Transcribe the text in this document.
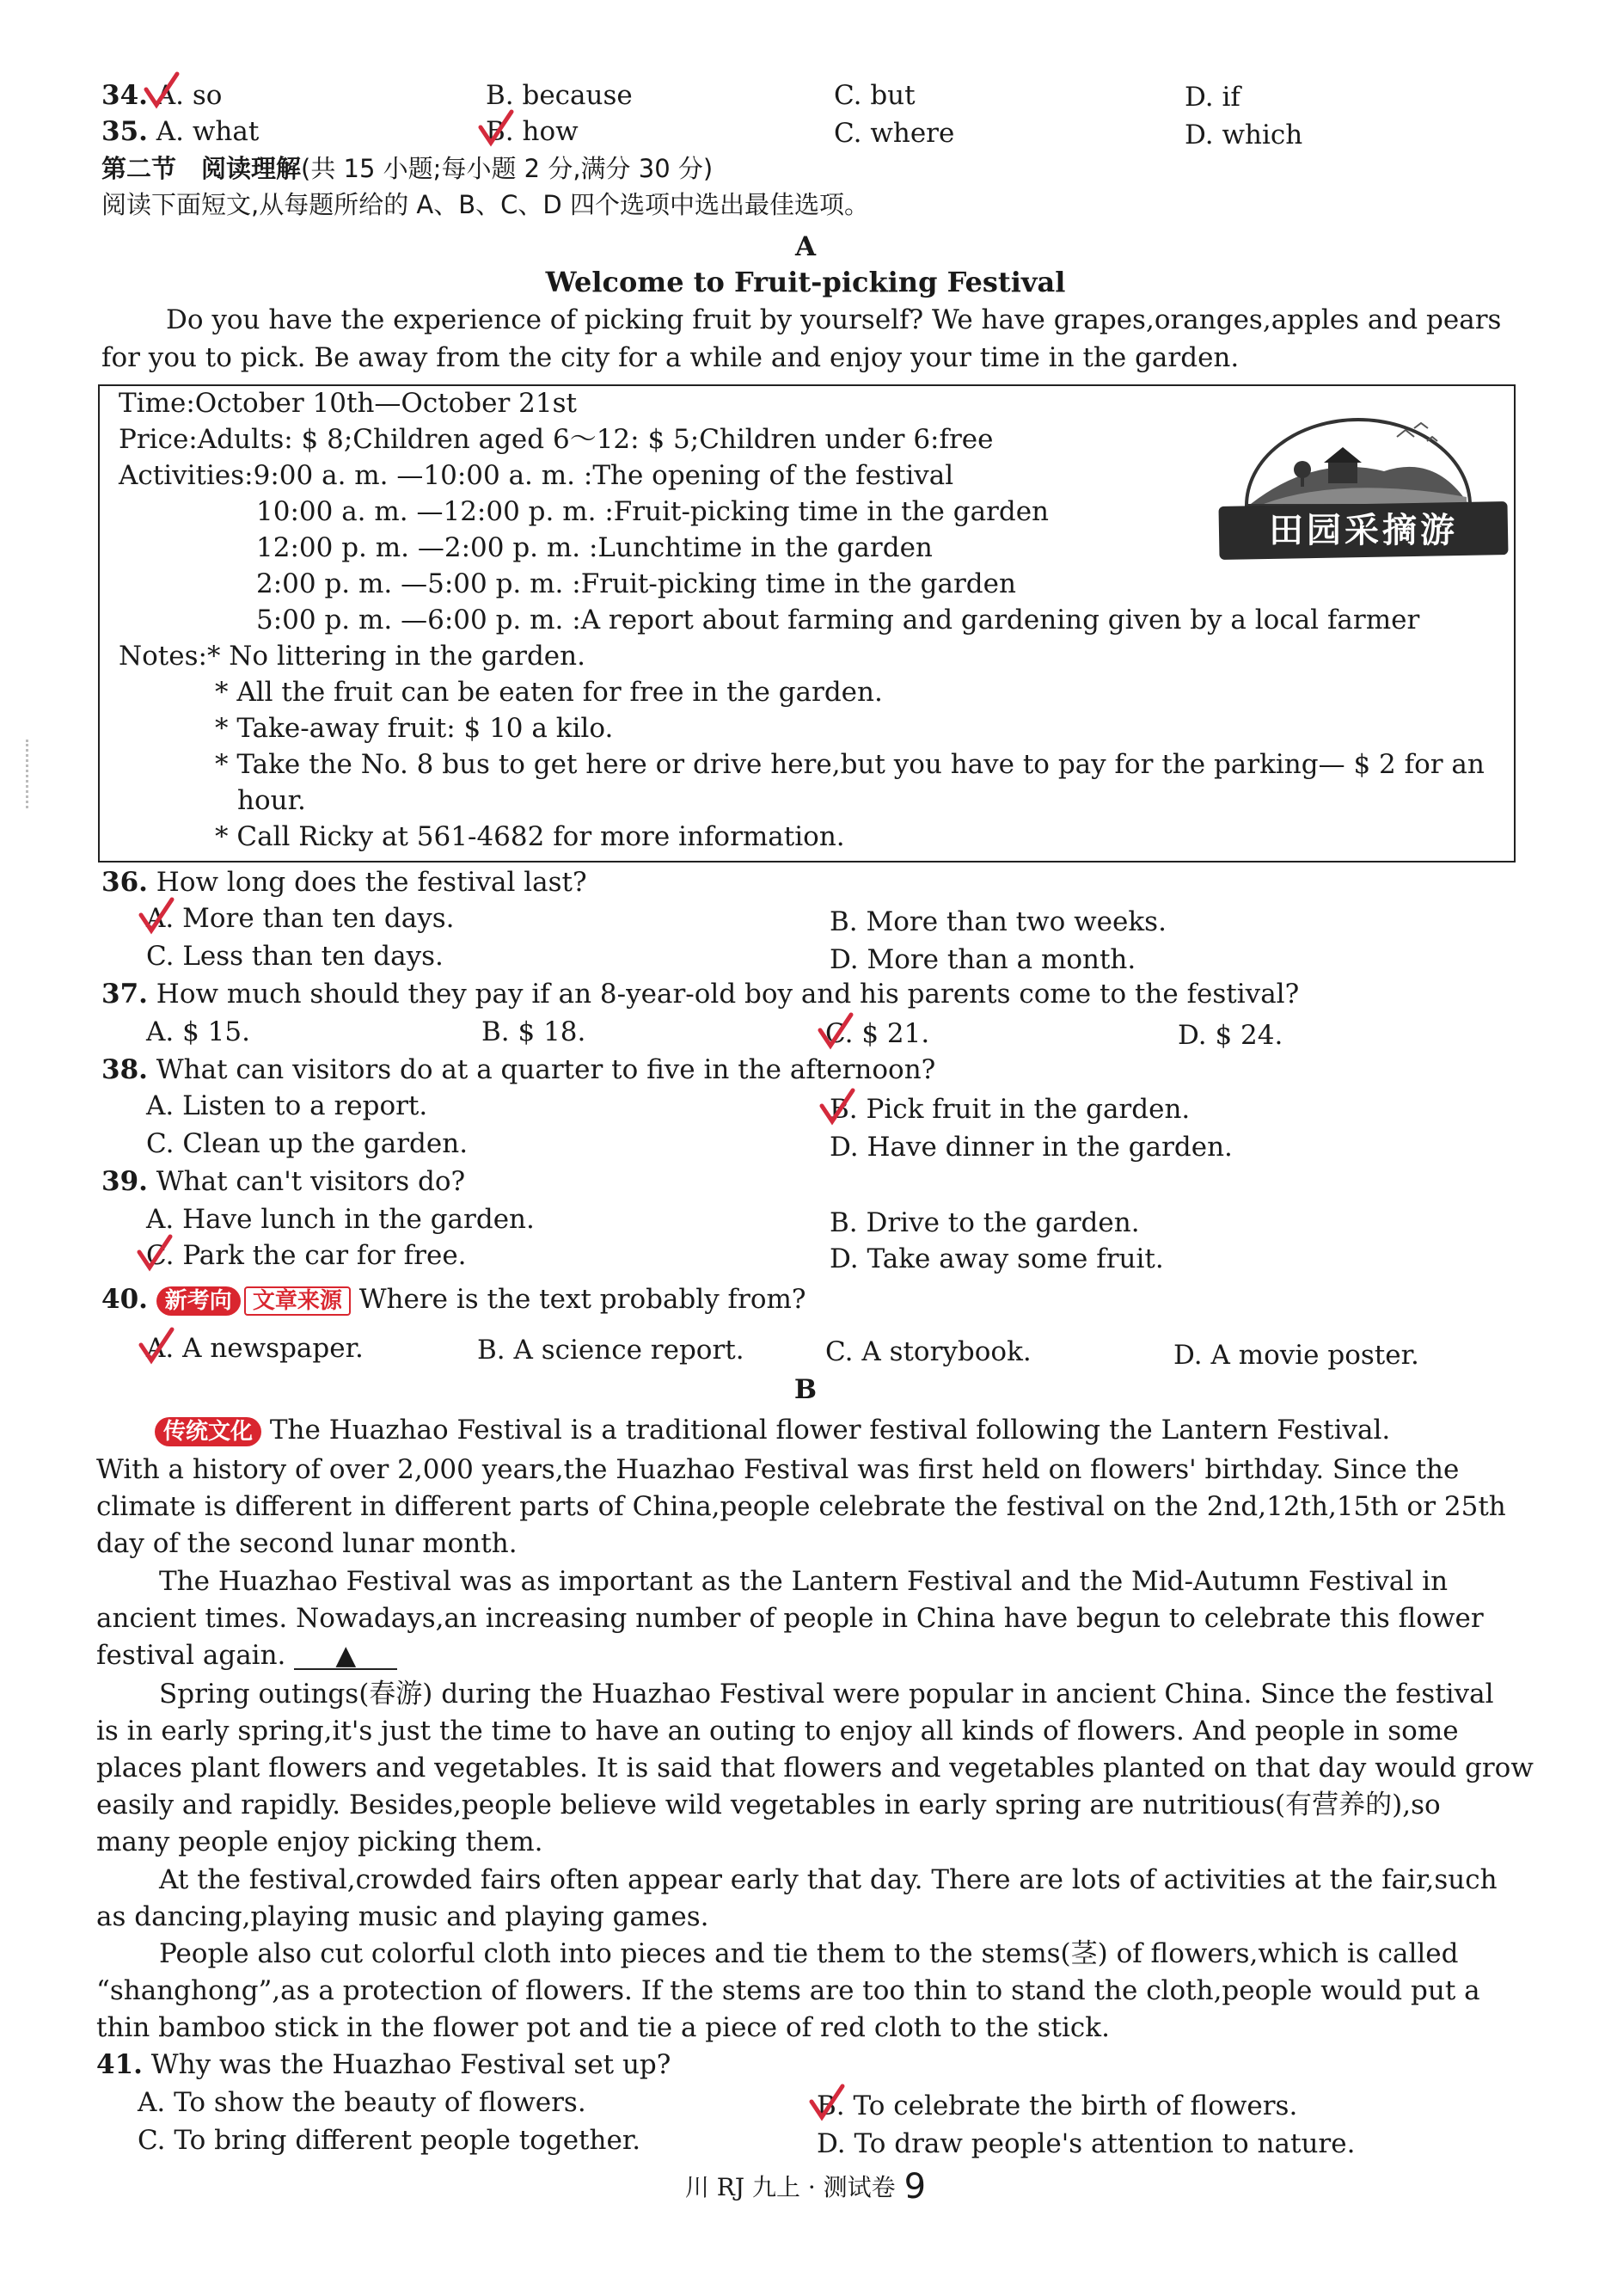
34. A. so	B. because	C. but	D. if
35. A. what	B. how	C. where	D. which
第二节　阅读理解(共 15 小题;每小题 2 分,满分 30 分)
阅读下面短文,从每题所给的 A、B、C、D 四个选项中选出最佳选项。
A
Welcome to Fruit-picking Festival
Do you have the experience of picking fruit by yourself? We have grapes,oranges,apples and pears
for you to pick. Be away from the city for a while and enjoy your time in the garden.
Time:October 10th—October 21st
Price:Adults: $ 8;Children aged 6～12: $ 5;Children under 6:free
Activities:9:00 a. m. —10:00 a. m. :The opening of the festival
10:00 a. m. —12:00 p. m. :Fruit-picking time in the garden
12:00 p. m. —2:00 p. m. :Lunchtime in the garden
2:00 p. m. —5:00 p. m. :Fruit-picking time in the garden
5:00 p. m. —6:00 p. m. :A report about farming and gardening given by a local farmer
Notes:* No littering in the garden.
* All the fruit can be eaten for free in the garden.
* Take-away fruit: $ 10 a kilo.
* Take the No. 8 bus to get here or drive here,but you have to pay for the parking— $ 2 for an
hour.
* Call Ricky at 561-4682 for more information.
田园采摘游
36. How long does the festival last?
A. More than ten days.	B. More than two weeks.
C. Less than ten days.	D. More than a month.
37. How much should they pay if an 8-year-old boy and his parents come to the festival?
A. $ 15.	B. $ 18.	C. $ 21.	D. $ 24.
38. What can visitors do at a quarter to five in the afternoon?
A. Listen to a report.	B. Pick fruit in the garden.
C. Clean up the garden.	D. Have dinner in the garden.
39. What can't visitors do?
A. Have lunch in the garden.	B. Drive to the garden.
C. Park the car for free.	D. Take away some fruit.
40. 新考向 文章来源 Where is the text probably from?
A. A newspaper.	B. A science report.	C. A storybook.	D. A movie poster.
B
传统文化 The Huazhao Festival is a traditional flower festival following the Lantern Festival.
With a history of over 2,000 years,the Huazhao Festival was first held on flowers' birthday. Since the
climate is different in different parts of China,people celebrate the festival on the 2nd,12th,15th or 25th
day of the second lunar month.
The Huazhao Festival was as important as the Lantern Festival and the Mid-Autumn Festival in
ancient times. Nowadays,an increasing number of people in China have begun to celebrate this flower
festival again. ▲
Spring outings(春游) during the Huazhao Festival were popular in ancient China. Since the festival
is in early spring,it's just the time to have an outing to enjoy all kinds of flowers. And people in some
places plant flowers and vegetables. It is said that flowers and vegetables planted on that day would grow
easily and rapidly. Besides,people believe wild vegetables in early spring are nutritious(有营养的),so
many people enjoy picking them.
At the festival,crowded fairs often appear early that day. There are lots of activities at the fair,such
as dancing,playing music and playing games.
People also cut colorful cloth into pieces and tie them to the stems(茎) of flowers,which is called
“shanghong”,as a protection of flowers. If the stems are too thin to stand the cloth,people would put a
thin bamboo stick in the flower pot and tie a piece of red cloth to the stick.
41. Why was the Huazhao Festival set up?
A. To show the beauty of flowers.	B. To celebrate the birth of flowers.
C. To bring different people together.	D. To draw people's attention to nature.
川 RJ 九上 · 测试卷 9
